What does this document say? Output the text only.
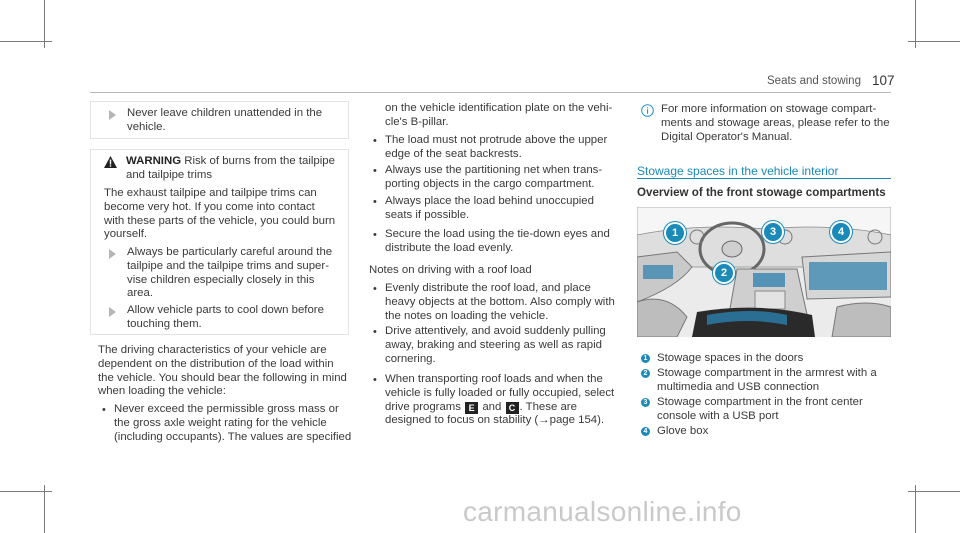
Seats and stowing 107
Never leave children unattended in the
vehicle.
WARNING Risk of burns from the tailpipe
and tailpipe trims
The exhaust tailpipe and tailpipe trims can
become very hot. If you come into contact
with these parts of the vehicle, you could burn
yourself.
Always be particularly careful around the
tailpipe and the tailpipe trims and super-
vise children especially closely in this
area.
Allow vehicle parts to cool down before
touching them.
The driving characteristics of your vehicle are
dependent on the distribution of the load within
the vehicle. You should bear the following in mind
when loading the vehicle:
• Never exceed the permissible gross mass or
the gross axle weight rating for the vehicle
(including occupants). The values are specified
on the vehicle identification plate on the vehi-
cle's B-pillar.
• The load must not protrude above the upper
edge of the seat backrests.
• Always use the partitioning net when trans-
porting objects in the cargo compartment.
• Always place the load behind unoccupied
seats if possible.
• Secure the load using the tie-down eyes and
distribute the load evenly.
Notes on driving with a roof load
• Evenly distribute the roof load, and place
heavy objects at the bottom. Also comply with
the notes on loading the vehicle.
• Drive attentively, and avoid suddenly pulling
away, braking and steering as well as rapid
cornering.
• When transporting roof loads and when the
vehicle is fully loaded or fully occupied, select
drive programs E and C . These are
designed to focus on stability (→page 154).
For more information on stowage compart-
ments and stowage areas, please refer to the
Digital Operator's Manual.
Stowage spaces in the vehicle interior
Overview of the front stowage compartments
1
2
3	4
1 Stowage spaces in the doors
2 Stowage compartment in the armrest with a
multimedia and USB connection
3 Stowage compartment in the front center
console with a USB port
4 Glove box
carmanualsonline.info
